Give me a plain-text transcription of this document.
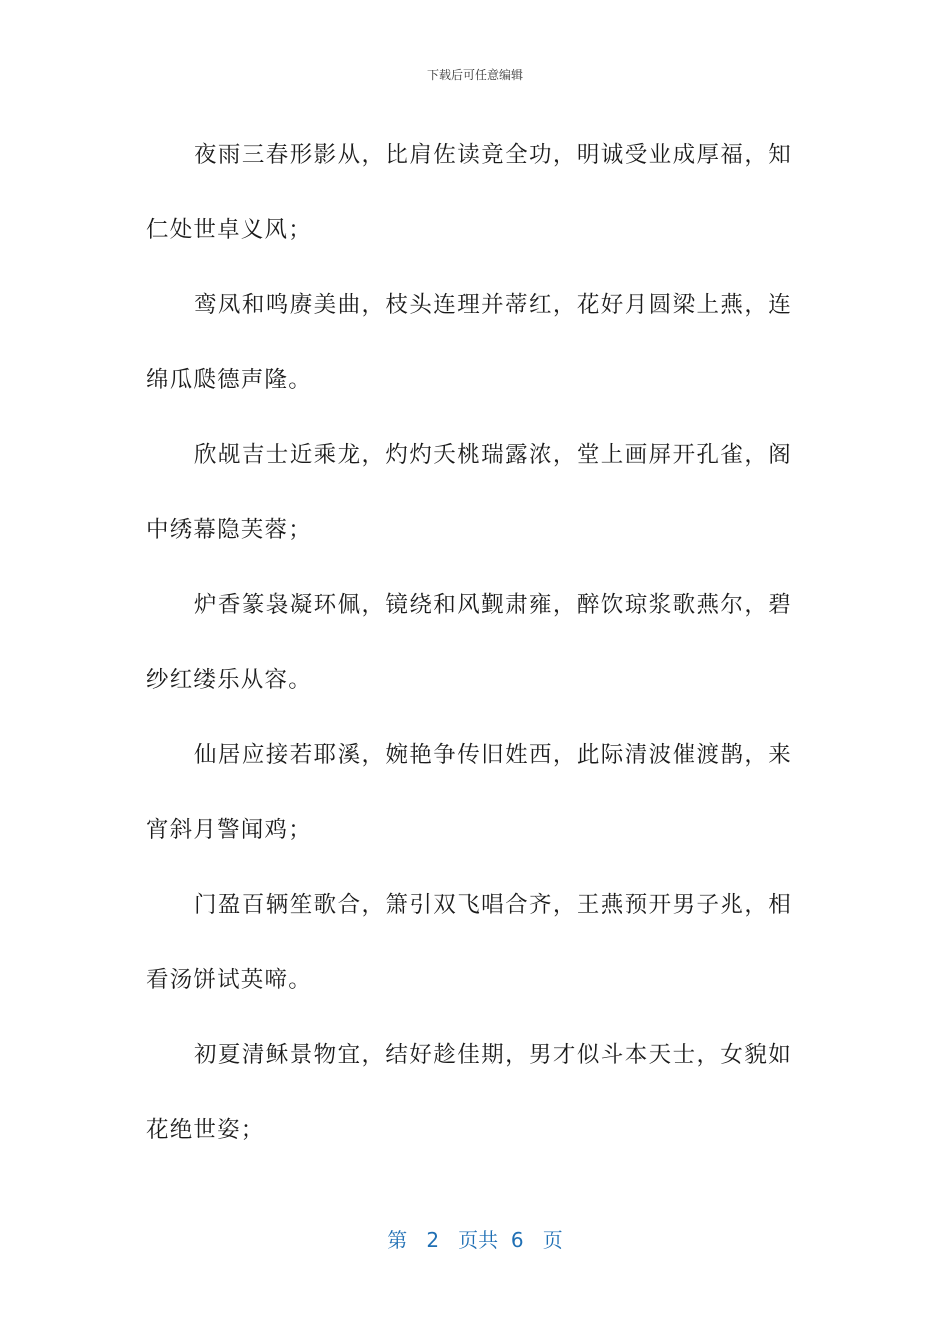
下载后可任意编辑

夜雨三春形影从，比肩佐读竟全功，明诚受业成厚福，知仁处世卓义风；

鸾凤和鸣赓美曲，枝头连理并蒂红，花好月圆梁上燕，连绵瓜瓞德声隆。

欣觇吉士近乘龙，灼灼夭桃瑞露浓，堂上画屏开孔雀，阁中绣幕隐芙蓉；

炉香篆袅凝环佩，镜绕和风觐肃雍，醉饮琼浆歌燕尔，碧纱红缕乐从容。

仙居应接若耶溪，婉艳争传旧姓西，此际清波催渡鹊，来宵斜月警闻鸡；

门盈百辆笙歌合，箫引双飞唱合齐，王燕预开男子兆，相看汤饼试英啼。

初夏清稣景物宜，结好趁佳期，男才似斗本天士，女貌如花绝世姿；

第 2 页共 6 页
